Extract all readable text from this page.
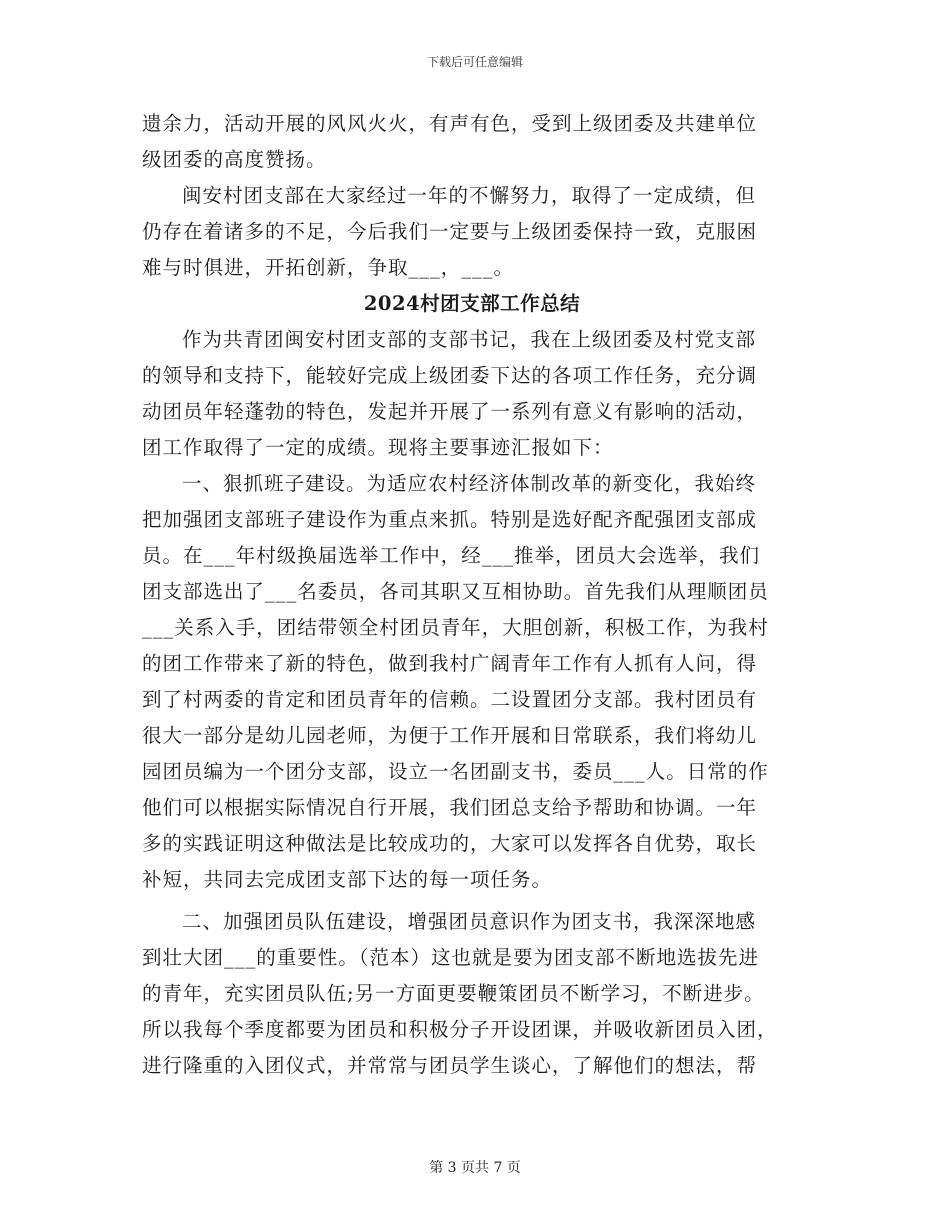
下载后可任意编辑
遗余力，活动开展的风风火火，有声有色，受到上级团委及共建单位
级团委的高度赞扬。
闽安村团支部在大家经过一年的不懈努力，取得了一定成绩，但
仍存在着诸多的不足，今后我们一定要与上级团委保持一致，克服困
难与时俱进，开拓创新，争取___，___。
2024村团支部工作总结
作为共青团闽安村团支部的支部书记，我在上级团委及村党支部
的领导和支持下，能较好完成上级团委下达的各项工作任务，充分调
动团员年轻蓬勃的特色，发起并开展了一系列有意义有影响的活动，
团工作取得了一定的成绩。现将主要事迹汇报如下：
一、狠抓班子建设。为适应农村经济体制改革的新变化，我始终
把加强团支部班子建设作为重点来抓。特别是选好配齐配强团支部成
员。在___年村级换届选举工作中，经___推举，团员大会选举，我们
团支部选出了___名委员，各司其职又互相协助。首先我们从理顺团员
___关系入手，团结带领全村团员青年，大胆创新，积极工作，为我村
的团工作带来了新的特色，做到我村广阔青年工作有人抓有人问，得
到了村两委的肯定和团员青年的信赖。二设置团分支部。我村团员有
很大一部分是幼儿园老师，为便于工作开展和日常联系，我们将幼儿
园团员编为一个团分支部，设立一名团副支书，委员___人。日常的作
他们可以根据实际情况自行开展，我们团总支给予帮助和协调。一年
多的实践证明这种做法是比较成功的，大家可以发挥各自优势，取长
补短，共同去完成团支部下达的每一项任务。
二、加强团员队伍建设，增强团员意识作为团支书，我深深地感
到壮大团___的重要性。（范本）这也就是要为团支部不断地选拔先进
的青年，充实团员队伍;另一方面更要鞭策团员不断学习，不断进步。
所以我每个季度都要为团员和积极分子开设团课，并吸收新团员入团，
进行隆重的入团仪式，并常常与团员学生谈心，了解他们的想法，帮
第 3 页共 7 页
